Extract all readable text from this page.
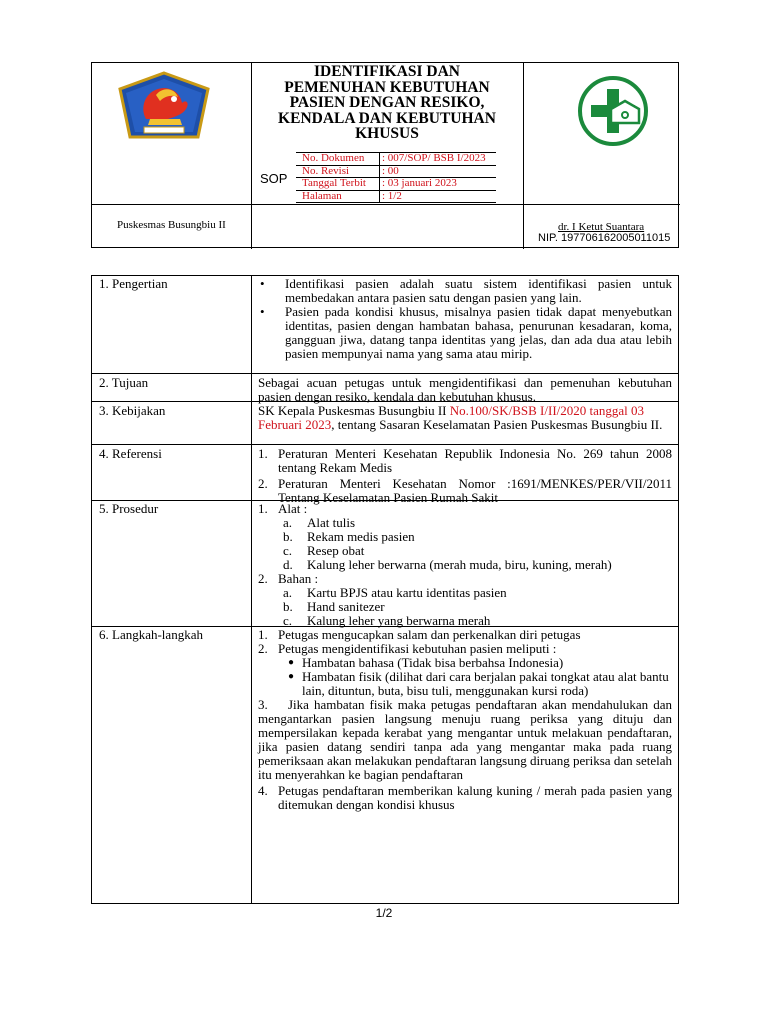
IDENTIFIKASI DAN
PEMENUHAN KEBUTUHAN
PASIEN DENGAN RESIKO,
KENDALA DAN KEBUTUHAN
KHUSUS
SOP
No. Dokumen	: 007/SOP/ BSB I/2023
No. Revisi	: 00
Tanggal Terbit	: 03 januari 2023
Halaman	: 1/2
Puskesmas Busungbiu II	dr. I Ketut Suantara
NIP. 197706162005011015
1. Pengertian	• Identifikasi pasien adalah suatu sistem identifikasi pasien untuk membedakan antara pasien satu dengan pasien yang lain.
• Pasien pada kondisi khusus, misalnya pasien tidak dapat menyebutkan identitas, pasien dengan hambatan bahasa, penurunan kesadaran, koma, gangguan jiwa, datang tanpa identitas yang jelas, dan ada dua atau lebih pasien mempunyai nama yang sama atau mirip.
2. Tujuan	Sebagai acuan petugas untuk mengidentifikasi dan pemenuhan kebutuhan pasien dengan resiko, kendala dan kebutuhan khusus.
3. Kebijakan	SK Kepala Puskesmas Busungbiu II No.100/SK/BSB I/II/2020 tanggal 03 Februari 2023, tentang Sasaran Keselamatan Pasien Puskesmas Busungbiu II.
4. Referensi	1. Peraturan Menteri Kesehatan Republik Indonesia No. 269 tahun 2008 tentang Rekam Medis
2. Peraturan Menteri Kesehatan Nomor :1691/MENKES/PER/VII/2011 Tentang Keselamatan Pasien Rumah Sakit
5. Prosedur	1. Alat :
a. Alat tulis
b. Rekam medis pasien
c. Resep obat
d. Kalung leher berwarna (merah muda, biru, kuning, merah)
2. Bahan :
a. Kartu BPJS atau kartu identitas pasien
b. Hand sanitezer
c. Kalung leher yang berwarna merah
6. Langkah-langkah	1. Petugas mengucapkan salam dan perkenalkan diri petugas
2. Petugas mengidentifikasi kebutuhan pasien meliputi :
● Hambatan bahasa (Tidak bisa berbahsa Indonesia)
● Hambatan fisik (dilihat dari cara berjalan pakai tongkat atau alat bantu lain, dituntun, buta, bisu tuli, menggunakan kursi roda)
3.    Jika hambatan fisik maka petugas pendaftaran akan mendahulukan dan mengantarkan pasien langsung menuju ruang periksa yang dituju dan mempersilakan kepada kerabat yang mengantar untuk melakuan pendaftaran, jika pasien datang sendiri tanpa ada yang mengantar maka pada ruang pemeriksaan akan melakukan pendaftaran langsung diruang periksa dan setelah itu menyerahkan ke bagian pendaftaran
4. Petugas pendaftaran memberikan kalung kuning / merah pada pasien yang ditemukan dengan kondisi khusus
1/2
